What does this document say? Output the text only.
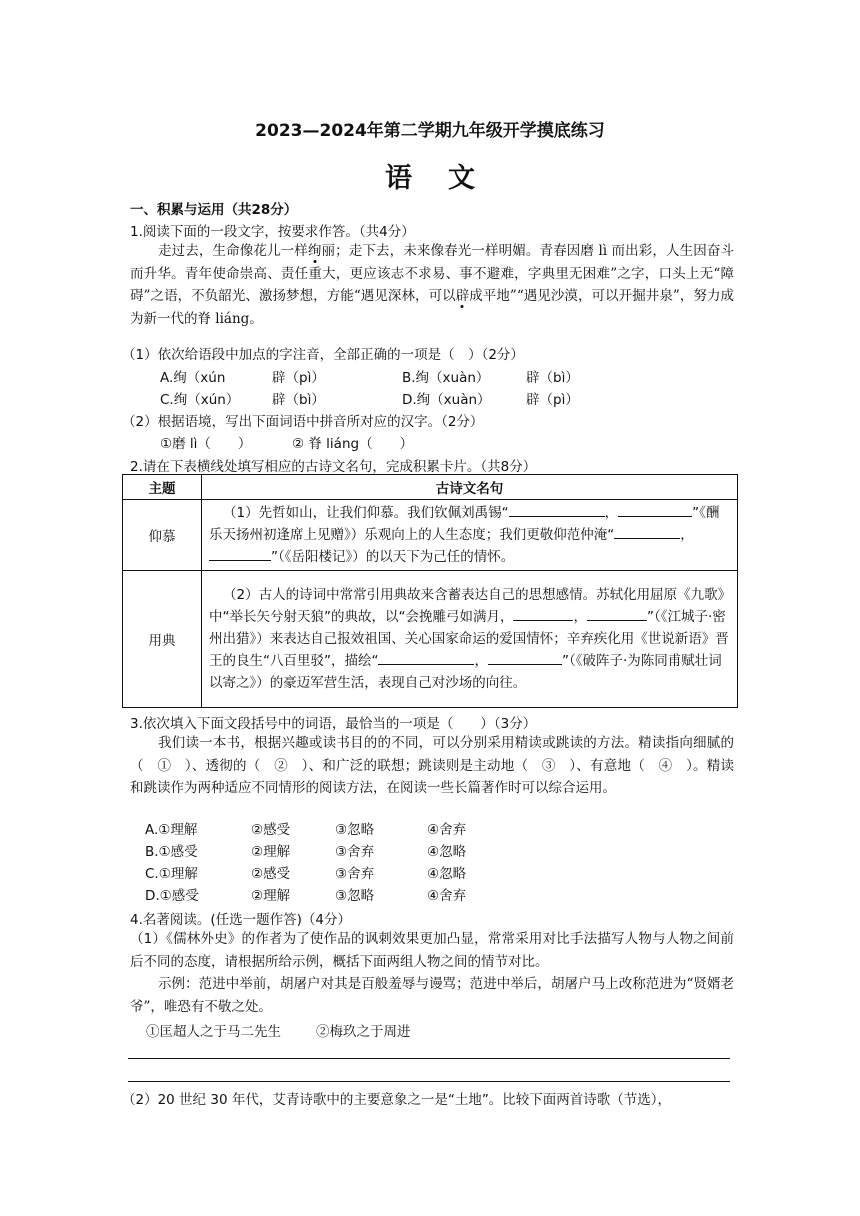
2023—2024年第二学期九年级开学摸底练习
语文
一、积累与运用（共28分）
1.阅读下面的一段文字，按要求作答。（共4分）
走过去，生命像花儿一样绚丽；走下去，未来像春光一样明媚。青春因磨 lì 而出彩，人生因奋斗而升华。青年使命崇高、责任重大，更应该志不求易、事不避难，字典里无困难”之字，口头上无“障碍”之语，不负韶光、激扬梦想，方能“遇见深林，可以辟成平地”“遇见沙漠，可以开掘井泉”，努力成为新一代的脊 liáng。
（1）依次给语段中加点的字注音，全部正确的一项是（　）（2分）
A.绚（xún	辟（pì）	B.绚（xuàn）	辟（bì）
C.绚（xún） 辟（bì）	D.绚（xuàn）	辟（pì）
（2）根据语境，写出下面词语中拼音所对应的汉字。（2分）
①磨 lì（　　）	② 脊 liáng（　　）
2.请在下表横线处填写相应的古诗文名句，完成积累卡片。（共8分）
主题	古诗文名句
仰慕	（1）先哲如山，让我们仰慕。我们钦佩刘禹锡“ ， ”《酬乐天扬州初逢席上见赠》）乐观向上的人生态度；我们更敬仰范仲淹“ ，
”（《岳阳楼记》）的以天下为己任的情怀。
用典	（2）古人的诗词中常常引用典故来含蓄表达自己的思想感情。苏轼化用屈原《九歌》中“举长矢兮射天狼”的典故，以“会挽雕弓如满月， ， ”（《江城子·密州出猎》）来表达自己报效祖国、关心国家命运的爱国情怀；辛弃疾化用《世说新语》晋王的良生“八百里驳”，描绘“ ， ”（《破阵子·为陈同甫赋壮词以寄之》）的豪迈军营生活，表现自己对沙场的向往。
3.依次填入下面文段括号中的词语，最恰当的一项是（　　）（3分）
我们读一本书，根据兴趣或读书目的的不同，可以分别采用精读或跳读的方法。精读指向细腻的（　①　）、透彻的（　②　）、和广泛的联想；跳读则是主动地（　③　）、有意地（　④　）。精读和跳读作为两种适应不同情形的阅读方法，在阅读一些长篇著作时可以综合运用。
A.①理解	②感受	③忽略	④舍弃
B.①感受	②理解	③舍弃	④忽略
C.①理解	②感受	③舍弃	④忽略
D.①感受	②理解	③忽略	④舍弃
4.名著阅读。(任选一题作答)（4分）
（1）《儒林外史》的作者为了使作品的讽刺效果更加凸显，常常采用对比手法描写人物与人物之间前后不同的态度，请根据所给示例，概括下面两组人物之间的情节对比。
示例：范进中举前，胡屠户对其是百般羞辱与谩骂；范进中举后，胡屠户马上改称范进为“贤婿老爷”，唯恐有不敬之处。
①匡超人之于马二先生	②梅玖之于周进
（2）20 世纪 30 年代，艾青诗歌中的主要意象之一是“土地”。比较下面两首诗歌（节选），
